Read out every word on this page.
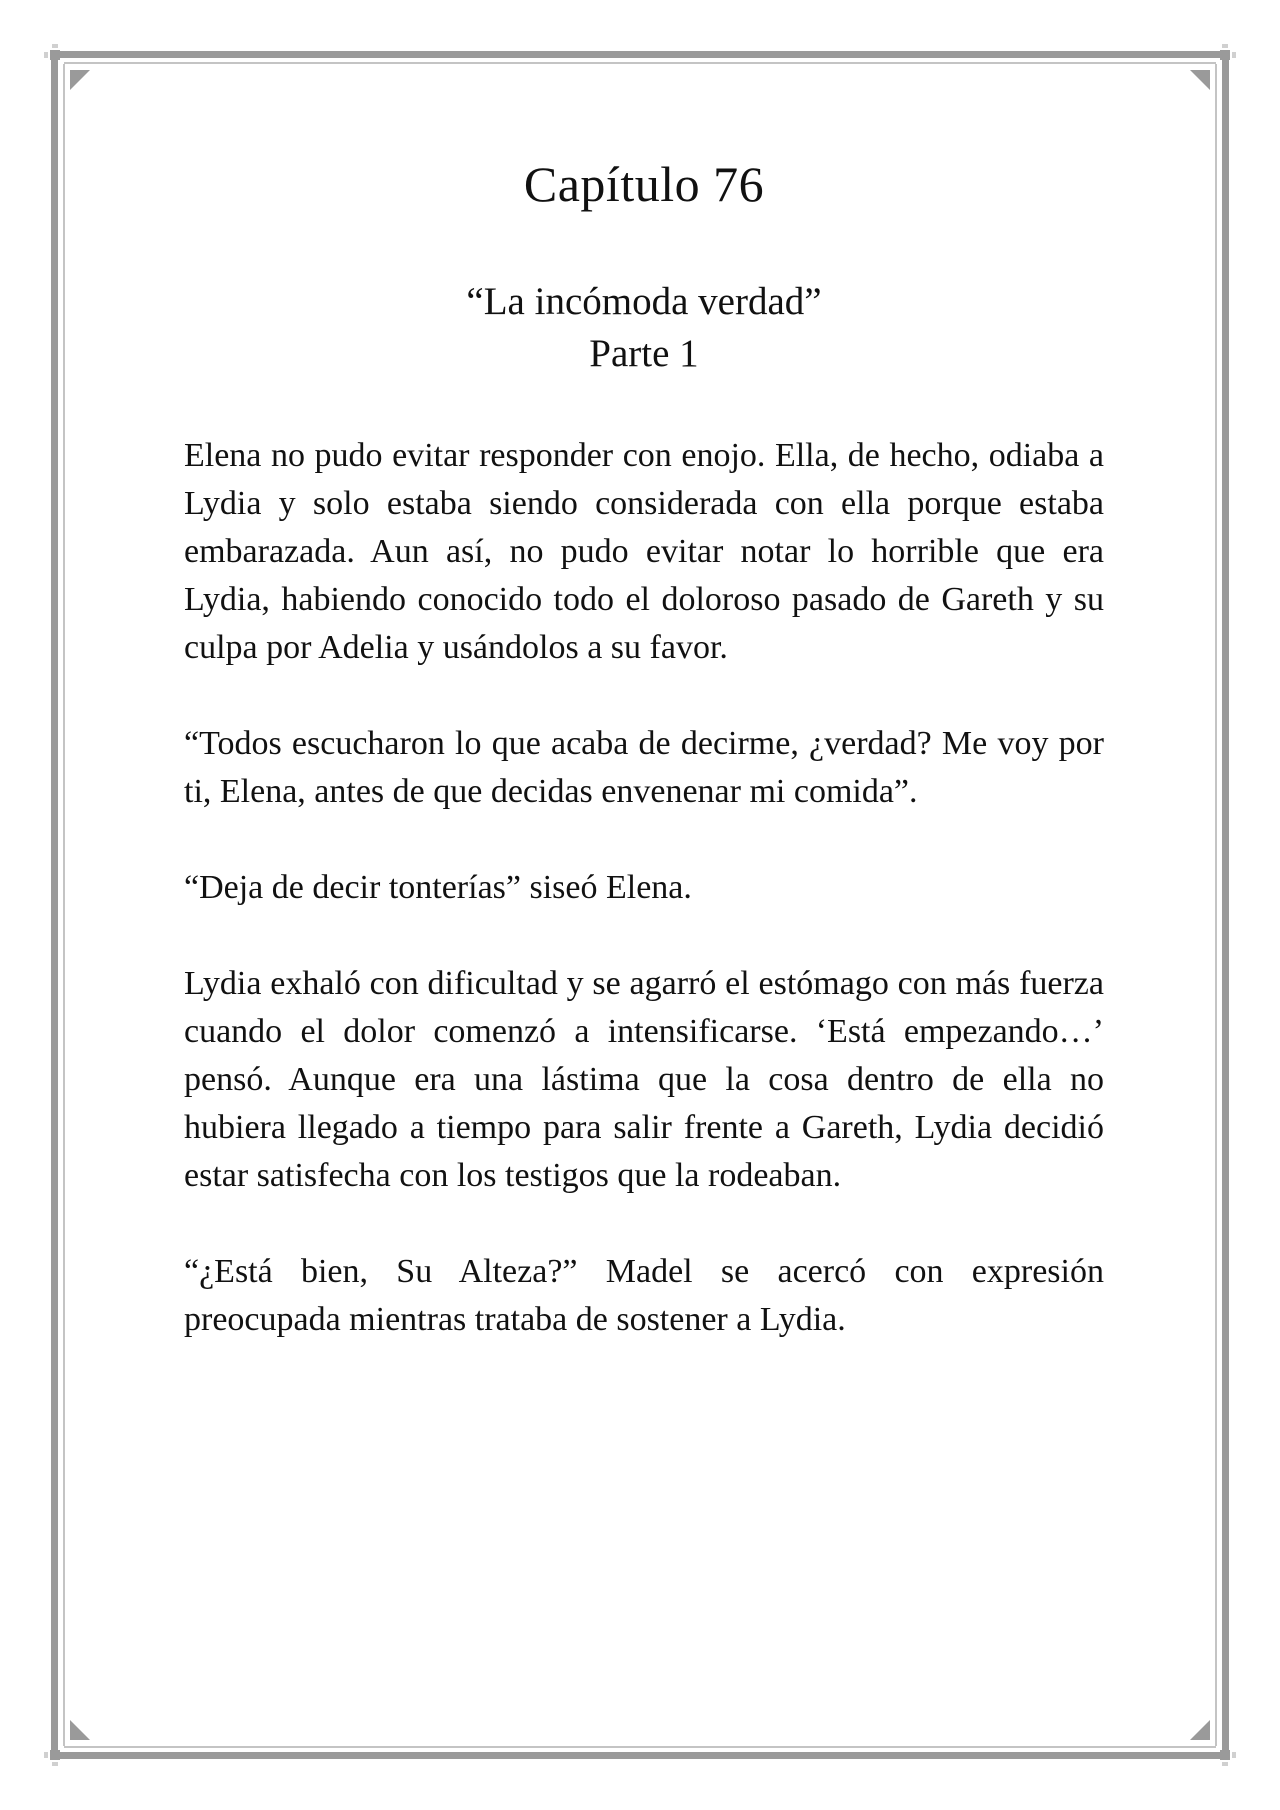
Capítulo 76
“La incómoda verdad”
Parte 1

Elena no pudo evitar responder con enojo. Ella, de hecho, odiaba a Lydia y solo estaba siendo considerada con ella porque estaba embarazada. Aun así, no pudo evitar notar lo horrible que era Lydia, habiendo conocido todo el doloroso pasado de Gareth y su culpa por Adelia y usándolos a su favor.

“Todos escucharon lo que acaba de decirme, ¿verdad? Me voy por ti, Elena, antes de que decidas envenenar mi comida”.

“Deja de decir tonterías” siseó Elena.

Lydia exhaló con dificultad y se agarró el estómago con más fuerza cuando el dolor comenzó a intensificarse. ‘Está empezando…’ pensó. Aunque era una lástima que la cosa dentro de ella no hubiera llegado a tiempo para salir frente a Gareth, Lydia decidió estar satisfecha con los testigos que la rodeaban.

“¿Está bien, Su Alteza?” Madel se acercó con expresión preocupada mientras trataba de sostener a Lydia.
